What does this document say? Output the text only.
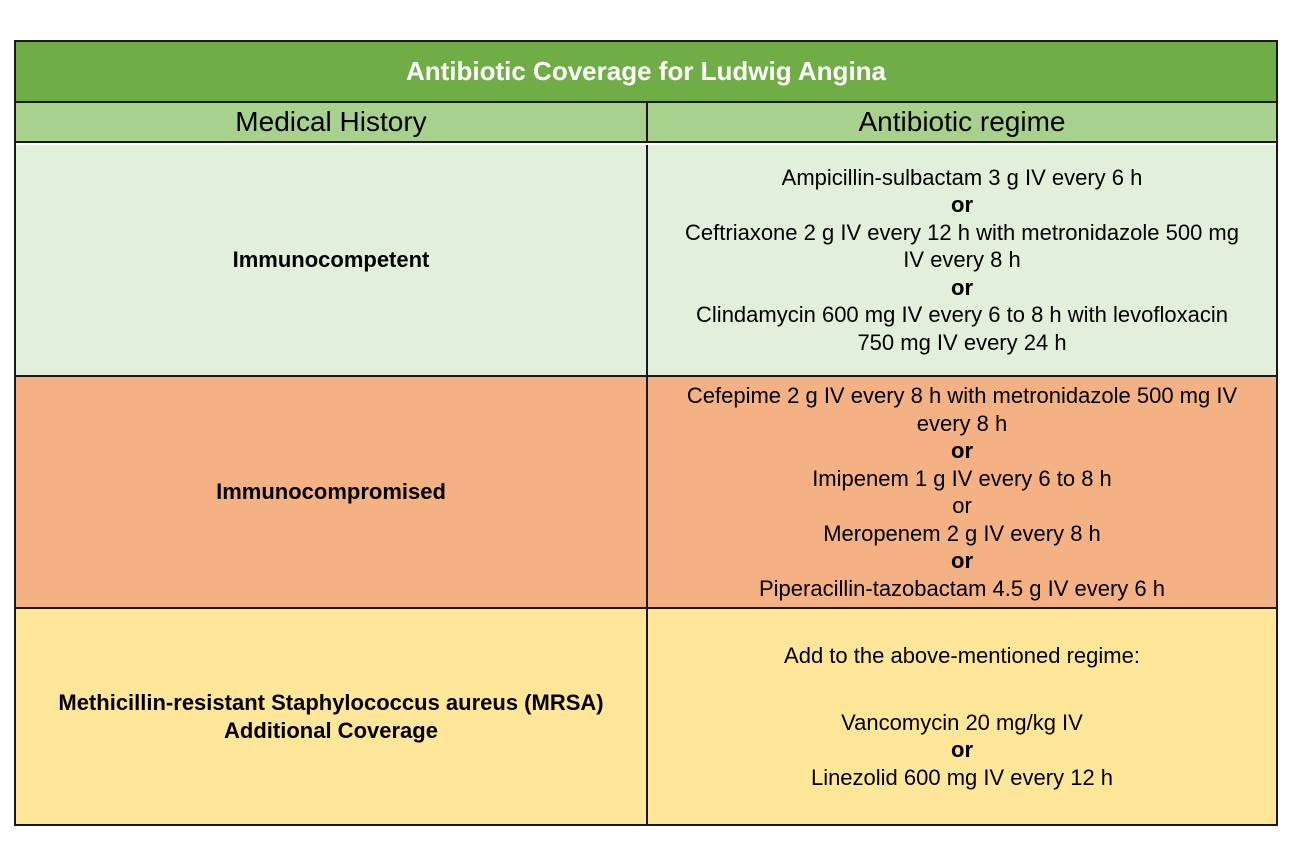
Antibiotic Coverage for Ludwig Angina
Medical History	Antibiotic regime
Immunocompetent
Ampicillin-sulbactam 3 g IV every 6 h
or
Ceftriaxone 2 g IV every 12 h with metronidazole 500 mg
IV every 8 h
or
Clindamycin 600 mg IV every 6 to 8 h with levofloxacin
750 mg IV every 24 h
Immunocompromised
Cefepime 2 g IV every 8 h with metronidazole 500 mg IV
every 8 h
or
Imipenem 1 g IV every 6 to 8 h
or
Meropenem 2 g IV every 8 h
or
Piperacillin-tazobactam 4.5 g IV every 6 h
Methicillin-resistant Staphylococcus aureus (MRSA)
Additional Coverage
Add to the above-mentioned regime:
Vancomycin 20 mg/kg IV
or
Linezolid 600 mg IV every 12 h
